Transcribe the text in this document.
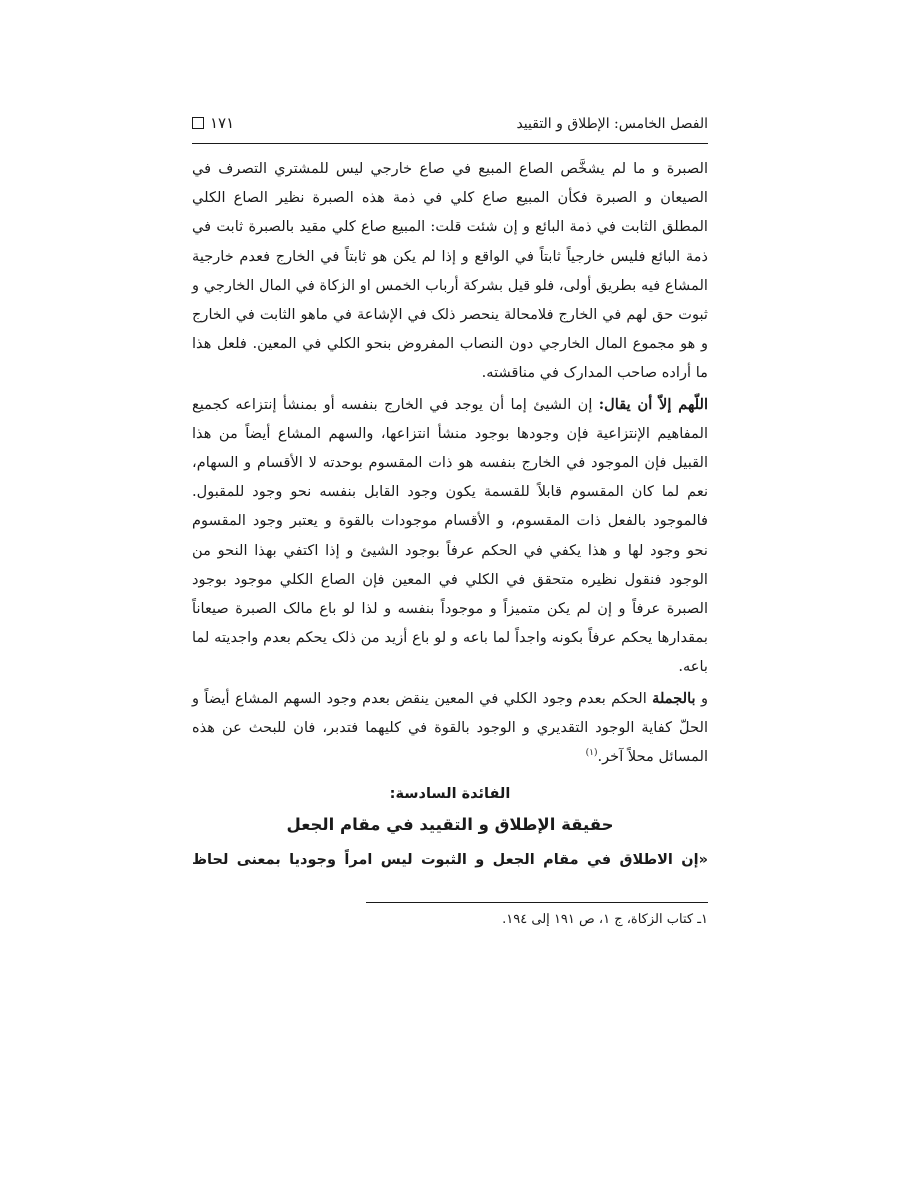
الفصل الخامس: الإطلاق و التقييد
١٧١

الصبرة و ما لم يشخَّص الصاع المبيع في صاع خارجي ليس للمشتري التصرف في الصيعان و الصبرة فكأن المبيع صاع كلي في ذمة هذه الصبرة نظير الصاع الكلي المطلق الثابت في ذمة البائع و إن شئت قلت: المبيع صاع كلي مقيد بالصبرة ثابت في ذمة البائع فليس خارجياً ثابتاً في الواقع و إذا لم يكن هو ثابتاً في الخارج فعدم خارجية المشاع فيه بطريق أولى، فلو قيل بشركة أرباب الخمس او الزكاة في المال الخارجي و ثبوت حق لهم في الخارج فلامحالة ينحصر ذلک في الإشاعة في ماهو الثابت في الخارج و هو مجموع المال الخارجي دون النصاب المفروض بنحو الكلي في المعين. فلعل هذا ما أراده صاحب المدارک في مناقشته.

اللّهم إلاّ أن يقال: إن الشيئ إما أن يوجد في الخارج بنفسه أو بمنشأ إنتزاعه كجميع المفاهيم الإنتزاعية فإن وجودها بوجود منشأ انتزاعها، والسهم المشاع أيضاً من هذا القبيل فإن الموجود في الخارج بنفسه هو ذات المقسوم بوحدته لا الأقسام و السهام، نعم لما كان المقسوم قابلاً للقسمة يكون وجود القابل بنفسه نحو وجود للمقبول. فالموجود بالفعل ذات المقسوم، و الأقسام موجودات بالقوة و يعتبر وجود المقسوم نحو وجود لها و هذا يكفي في الحكم عرفاً بوجود الشيئ و إذا اكتفي بهذا النحو من الوجود فنقول نظيره متحقق في الكلي في المعين فإن الصاع الكلي موجود بوجود الصبرة عرفاً و إن لم يكن متميزاً و موجوداً بنفسه و لذا لو باع مالک الصبرة صيعاناً بمقدارها يحكم عرفاً بكونه واجداً لما باعه و لو باع أزيد من ذلک يحكم بعدم واجديته لما باعه.

و بالجملة الحكم بعدم وجود الكلي في المعين ينقض بعدم وجود السهم المشاع أيضاً و الحلّ كفاية الوجود التقديري و الوجود بالقوة في كليهما فتدبر، فان للبحث عن هذه المسائل محلاً آخر.$^{(١)}$

الفائدة السادسة:
حقيقة الإطلاق و التقييد في مقام الجعل
«إن الاطلاق في مقام الجعل و الثبوت ليس امراً وجوديا بمعنى لحاظ
١ـ كتاب الزكاة، ج ١، ص ١٩١ إلى ١٩٤.
